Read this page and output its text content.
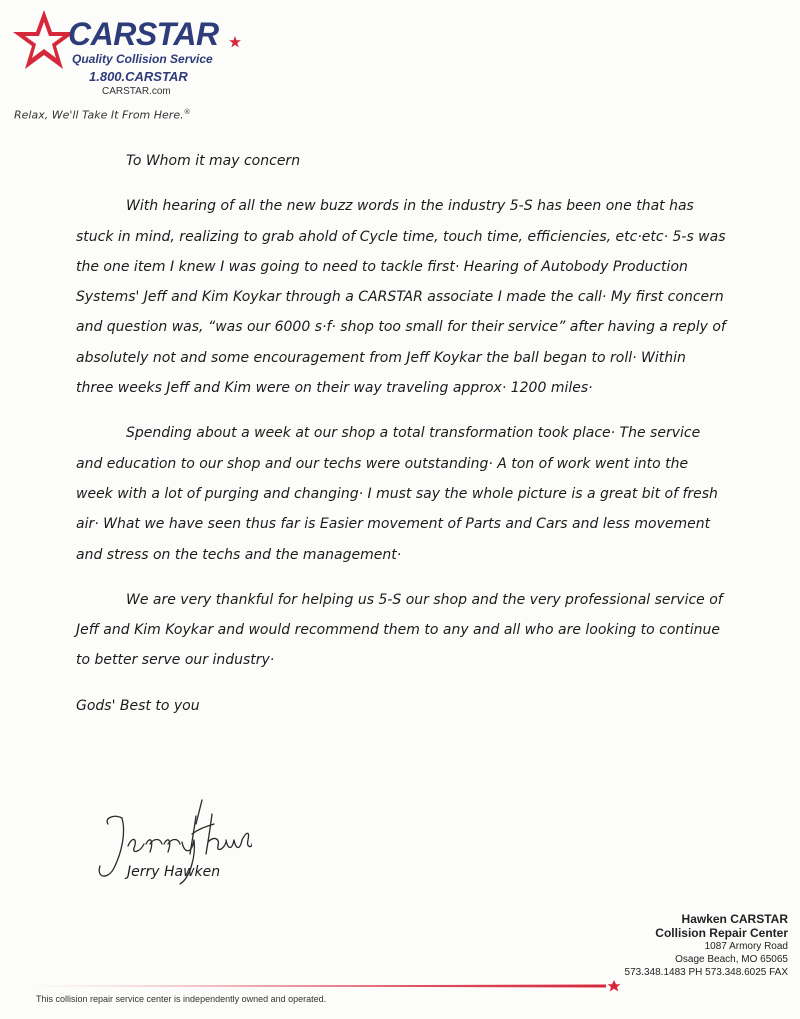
CARSTAR
Quality Collision Service
1.800.CARSTAR
CARSTAR.com
Relax, We'll Take It From Here.®

To Whom it may concern

With hearing of all the new buzz words in the industry 5-S has been one that has stuck in mind, realizing to grab ahold of Cycle time, touch time, efficiencies, etc·etc· 5-s was the one item I knew I was going to need to tackle first· Hearing of Autobody Production Systems' Jeff and Kim Koykar through a CARSTAR associate I made the call· My first concern and question was, “was our 6000 s·f· shop too small for their service” after having a reply of absolutely not and some encouragement from Jeff Koykar the ball began to roll· Within three weeks Jeff and Kim were on their way traveling approx· 1200 miles·

Spending about a week at our shop a total transformation took place· The service and education to our shop and our techs were outstanding· A ton of work went into the week with a lot of purging and changing· I must say the whole picture is a great bit of fresh air· What we have seen thus far is Easier movement of Parts and Cars and less movement and stress on the techs and the management·

We are very thankful for helping us 5-S our shop and the very professional service of Jeff and Kim Koykar and would recommend them to any and all who are looking to continue to better serve our industry·

Gods' Best to you

Jerry Hawken
Hawken CARSTAR
Collision Repair Center
1087 Armory Road
Osage Beach, MO 65065
573.348.1483 PH 573.348.6025 FAX
This collision repair service center is independently owned and operated.
